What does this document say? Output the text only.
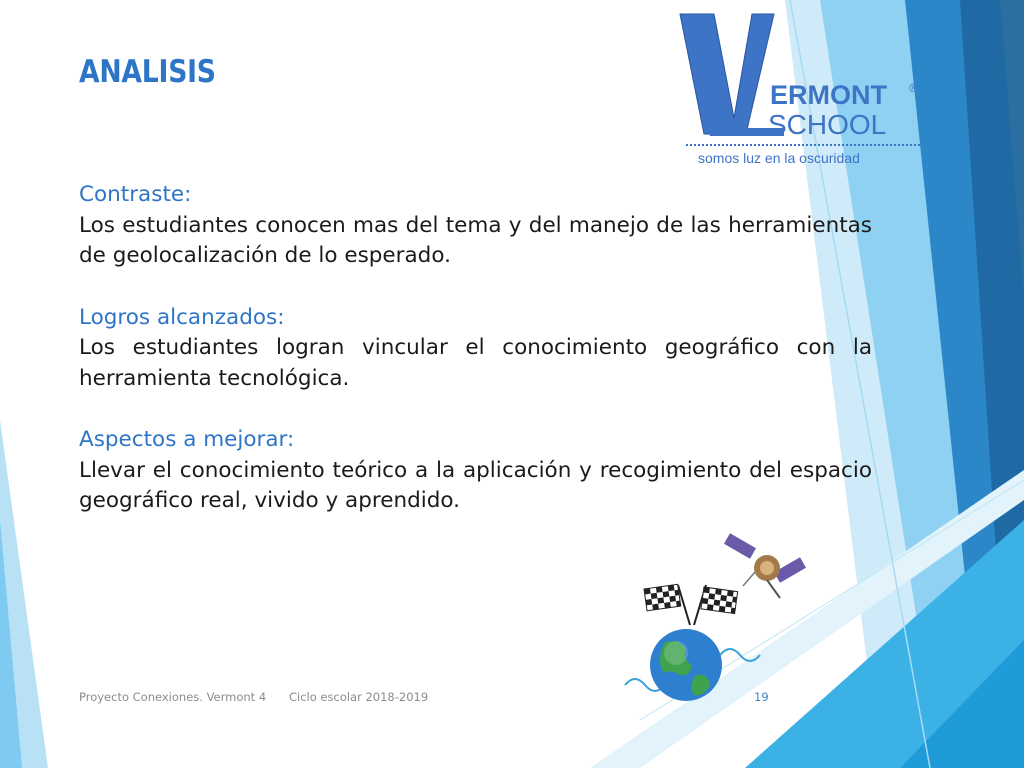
ERMONT
SCHOOL
®
somos luz en la oscuridad
ANALISIS
Contraste:
Los estudiantes conocen mas del tema y del manejo de las herramientas de geolocalización de lo esperado.
Logros alcanzados:
Los estudiantes logran vincular el conocimiento geográfico con la herramienta tecnológica.
Aspectos a mejorar:
Llevar el conocimiento teórico a la aplicación y recogimiento del espacio geográfico real, vivido y aprendido.
Proyecto Conexiones. Vermont 4 Ciclo escolar 2018-2019	19
